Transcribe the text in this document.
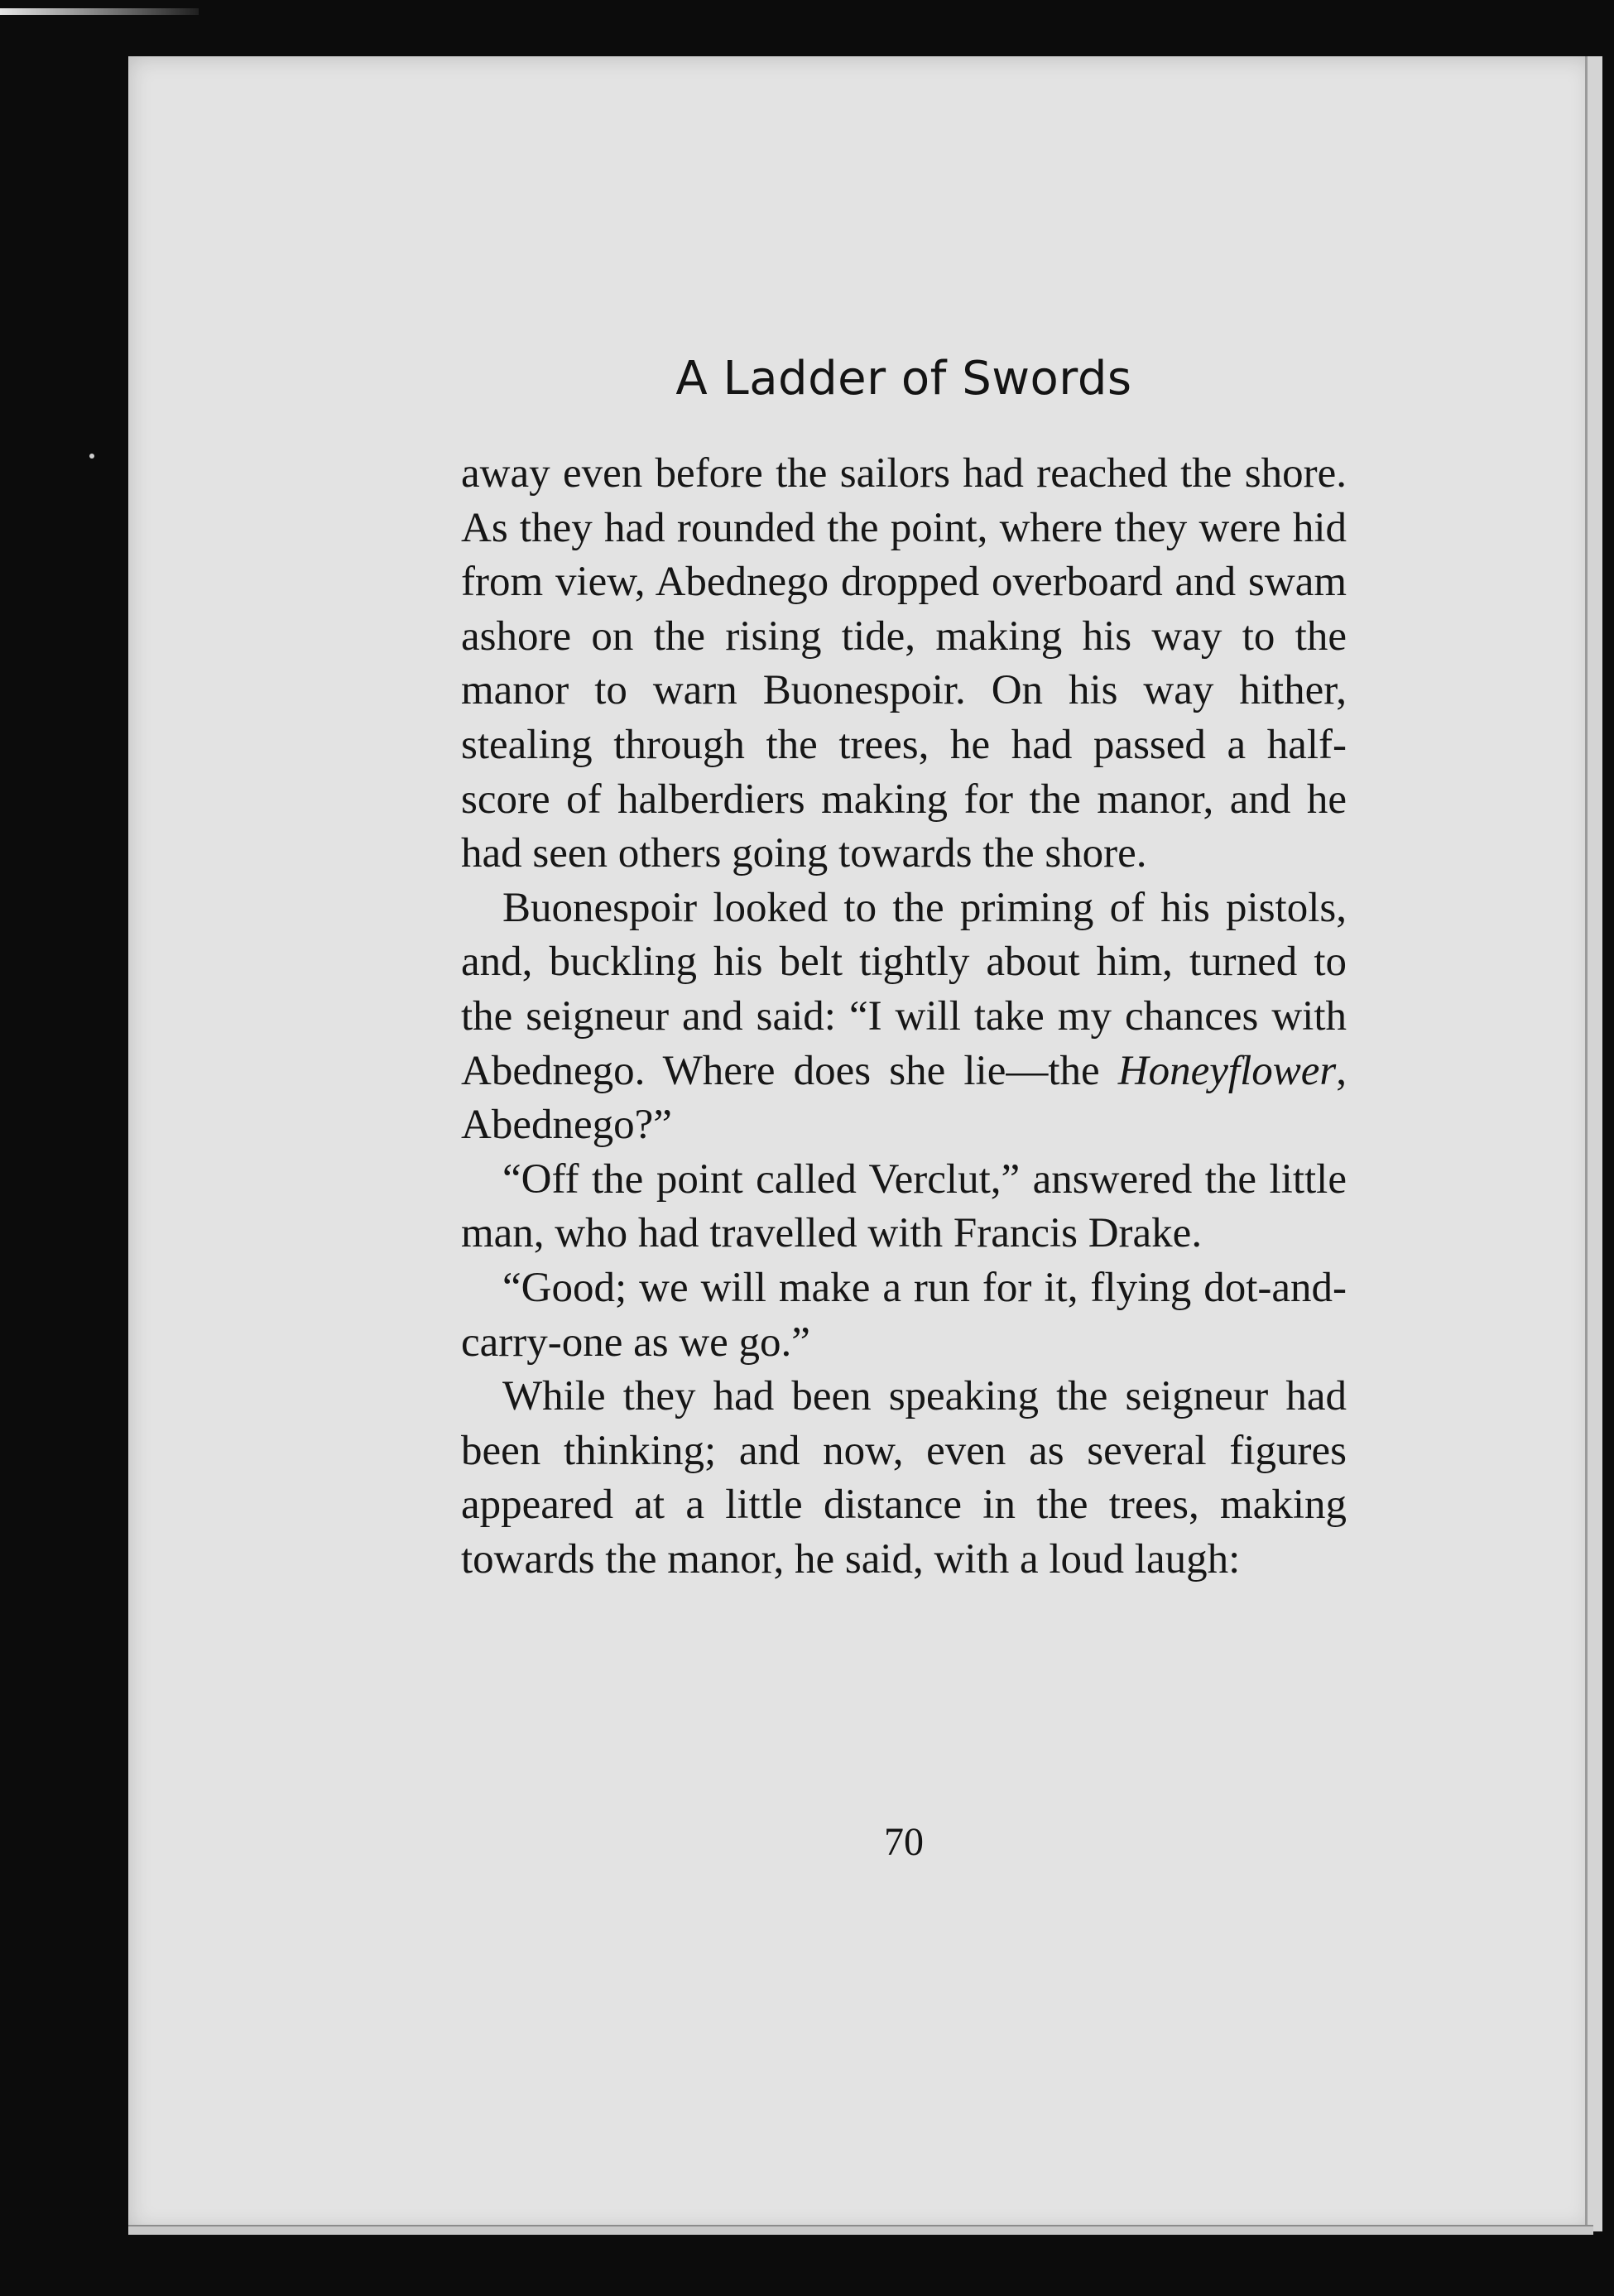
A Ladder of Swords

away even before the sailors had reached the shore. As they had rounded the point, where they were hid from view, Abednego dropped overboard and swam ashore on the rising tide, making his way to the manor to warn Buonespoir. On his way hither, stealing through the trees, he had passed a half-score of halberdiers making for the manor, and he had seen others going towards the shore.

Buonespoir looked to the priming of his pistols, and, buckling his belt tightly about him, turned to the seigneur and said: “I will take my chances with Abednego. Where does she lie—the Honeyflower, Abednego?”

“Off the point called Verclut,” answered the little man, who had travelled with Francis Drake.

“Good; we will make a run for it, flying dot-and-carry-one as we go.”

While they had been speaking the seigneur had been thinking; and now, even as several figures appeared at a little distance in the trees, making towards the manor, he said, with a loud laugh:

70
